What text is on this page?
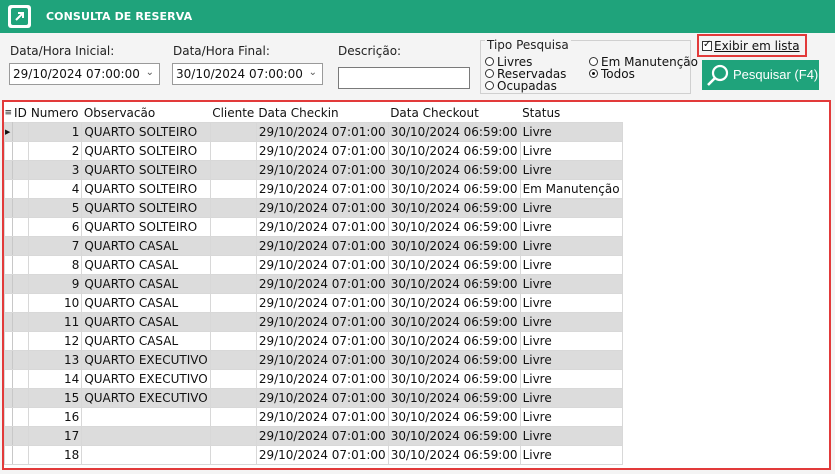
CONSULTA DE RESERVA
Data/Hora Inicial:
29/10/2024 07:00:00 ⌄
Data/Hora Final:
30/10/2024 07:00:00 ⌄
Descrição:	Tipo Pesquisa
Livres
Reservadas
Ocupadas
Em Manutenção
Todos
✓Exibir em lista
Pesquisar (F4)
≡	ID	Numero	Observacão	Cliente	Data Checkin	Data Checkout	Status
▶		1	QUARTO SOLTEIRO		29/10/2024 07:01:00	30/10/2024 06:59:00	Livre
		2	QUARTO SOLTEIRO		29/10/2024 07:01:00	30/10/2024 06:59:00	Livre
		3	QUARTO SOLTEIRO		29/10/2024 07:01:00	30/10/2024 06:59:00	Livre
		4	QUARTO SOLTEIRO		29/10/2024 07:01:00	30/10/2024 06:59:00	Em Manutenção
		5	QUARTO SOLTEIRO		29/10/2024 07:01:00	30/10/2024 06:59:00	Livre
		6	QUARTO SOLTEIRO		29/10/2024 07:01:00	30/10/2024 06:59:00	Livre
		7	QUARTO CASAL		29/10/2024 07:01:00	30/10/2024 06:59:00	Livre
		8	QUARTO CASAL		29/10/2024 07:01:00	30/10/2024 06:59:00	Livre
		9	QUARTO CASAL		29/10/2024 07:01:00	30/10/2024 06:59:00	Livre
		10	QUARTO CASAL		29/10/2024 07:01:00	30/10/2024 06:59:00	Livre
		11	QUARTO CASAL		29/10/2024 07:01:00	30/10/2024 06:59:00	Livre
		12	QUARTO CASAL		29/10/2024 07:01:00	30/10/2024 06:59:00	Livre
		13	QUARTO EXECUTIVO		29/10/2024 07:01:00	30/10/2024 06:59:00	Livre
		14	QUARTO EXECUTIVO		29/10/2024 07:01:00	30/10/2024 06:59:00	Livre
		15	QUARTO EXECUTIVO		29/10/2024 07:01:00	30/10/2024 06:59:00	Livre
		16			29/10/2024 07:01:00	30/10/2024 06:59:00	Livre
		17			29/10/2024 07:01:00	30/10/2024 06:59:00	Livre
		18			29/10/2024 07:01:00	30/10/2024 06:59:00	Livre
